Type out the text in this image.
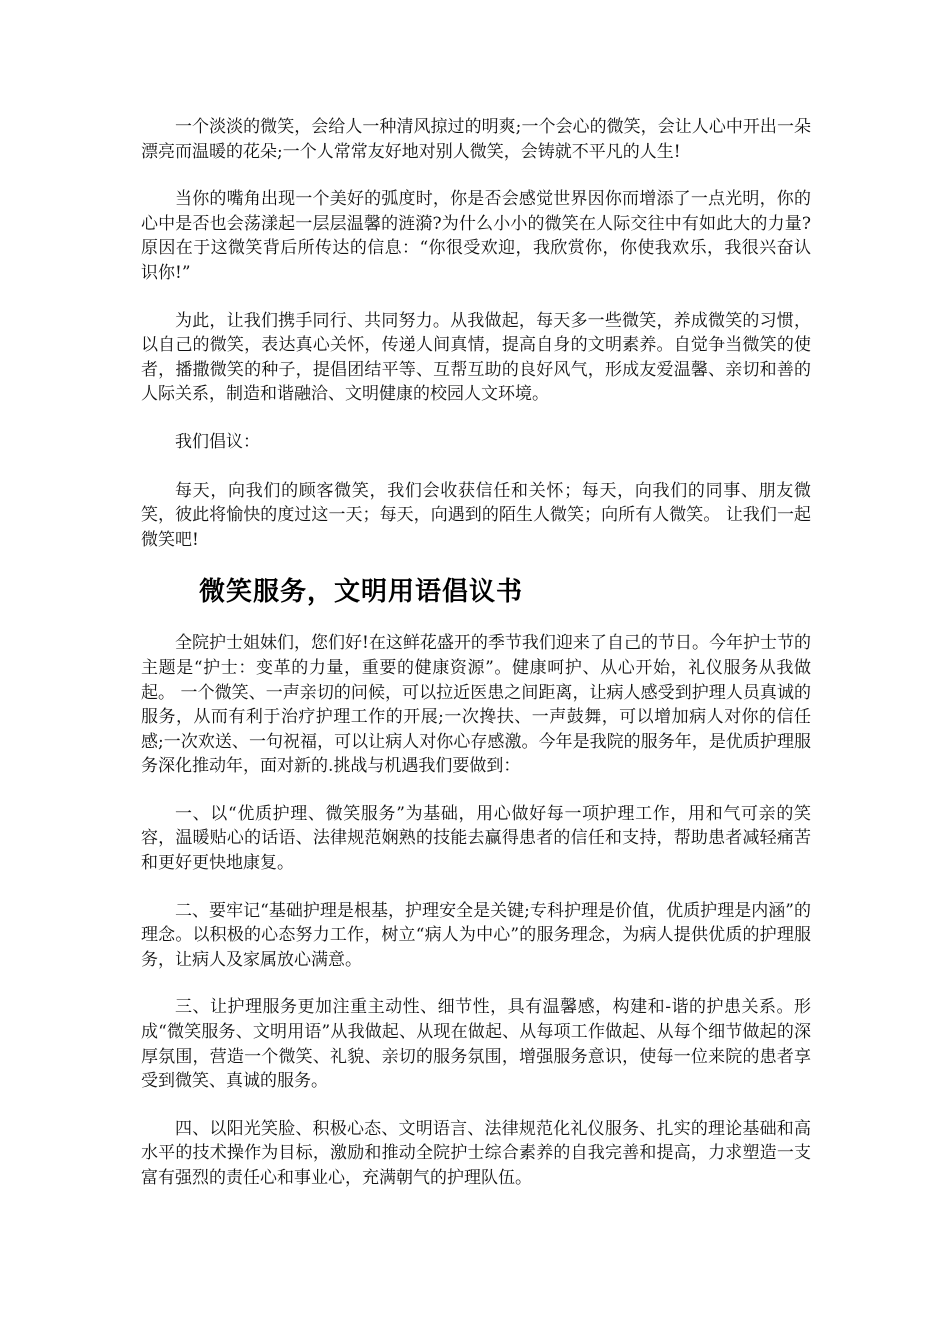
一个淡淡的微笑，会给人一种清风掠过的明爽;一个会心的微笑，会让人心中开出一朵漂亮而温暖的花朵;一个人常常友好地对别人微笑，会铸就不平凡的人生!

当你的嘴角出现一个美好的弧度时，你是否会感觉世界因你而增添了一点光明，你的心中是否也会荡漾起一层层温馨的涟漪?为什么小小的微笑在人际交往中有如此大的力量?原因在于这微笑背后所传达的信息：“你很受欢迎，我欣赏你，你使我欢乐，我很兴奋认识你!”

为此，让我们携手同行、共同努力。从我做起，每天多一些微笑，养成微笑的习惯，以自己的微笑，表达真心关怀，传递人间真情，提高自身的文明素养。自觉争当微笑的使者，播撒微笑的种子，提倡团结平等、互帮互助的良好风气，形成友爱温馨、亲切和善的人际关系，制造和谐融洽、文明健康的校园人文环境。

我们倡议：

每天，向我们的顾客微笑，我们会收获信任和关怀；每天，向我们的同事、朋友微笑，彼此将愉快的度过这一天；每天，向遇到的陌生人微笑；向所有人微笑。 让我们一起微笑吧!

微笑服务，文明用语倡议书

全院护士姐妹们，您们好!在这鲜花盛开的季节我们迎来了自己的节日。今年护士节的主题是“护士：变革的力量，重要的健康资源”。健康呵护、从心开始，礼仪服务从我做起。 一个微笑、一声亲切的问候，可以拉近医患之间距离，让病人感受到护理人员真诚的服务，从而有利于治疗护理工作的开展;一次搀扶、一声鼓舞，可以增加病人对你的信任感;一次欢送、一句祝福，可以让病人对你心存感激。今年是我院的服务年，是优质护理服务深化推动年，面对新的.挑战与机遇我们要做到：

一、以“优质护理、微笑服务”为基础，用心做好每一项护理工作，用和气可亲的笑容，温暖贴心的话语、法律规范娴熟的技能去赢得患者的信任和支持，帮助患者减轻痛苦和更好更快地康复。

二、要牢记“基础护理是根基，护理安全是关键;专科护理是价值，优质护理是内涵”的理念。以积极的心态努力工作，树立“病人为中心”的服务理念，为病人提供优质的护理服务，让病人及家属放心满意。

三、让护理服务更加注重主动性、细节性，具有温馨感，构建和-谐的护患关系。形成“微笑服务、文明用语”从我做起、从现在做起、从每项工作做起、从每个细节做起的深厚氛围，营造一个微笑、礼貌、亲切的服务氛围，增强服务意识，使每一位来院的患者享受到微笑、真诚的服务。

四、以阳光笑脸、积极心态、文明语言、法律规范化礼仪服务、扎实的理论基础和高水平的技术操作为目标，激励和推动全院护士综合素养的自我完善和提高，力求塑造一支富有强烈的责任心和事业心，充满朝气的护理队伍。
